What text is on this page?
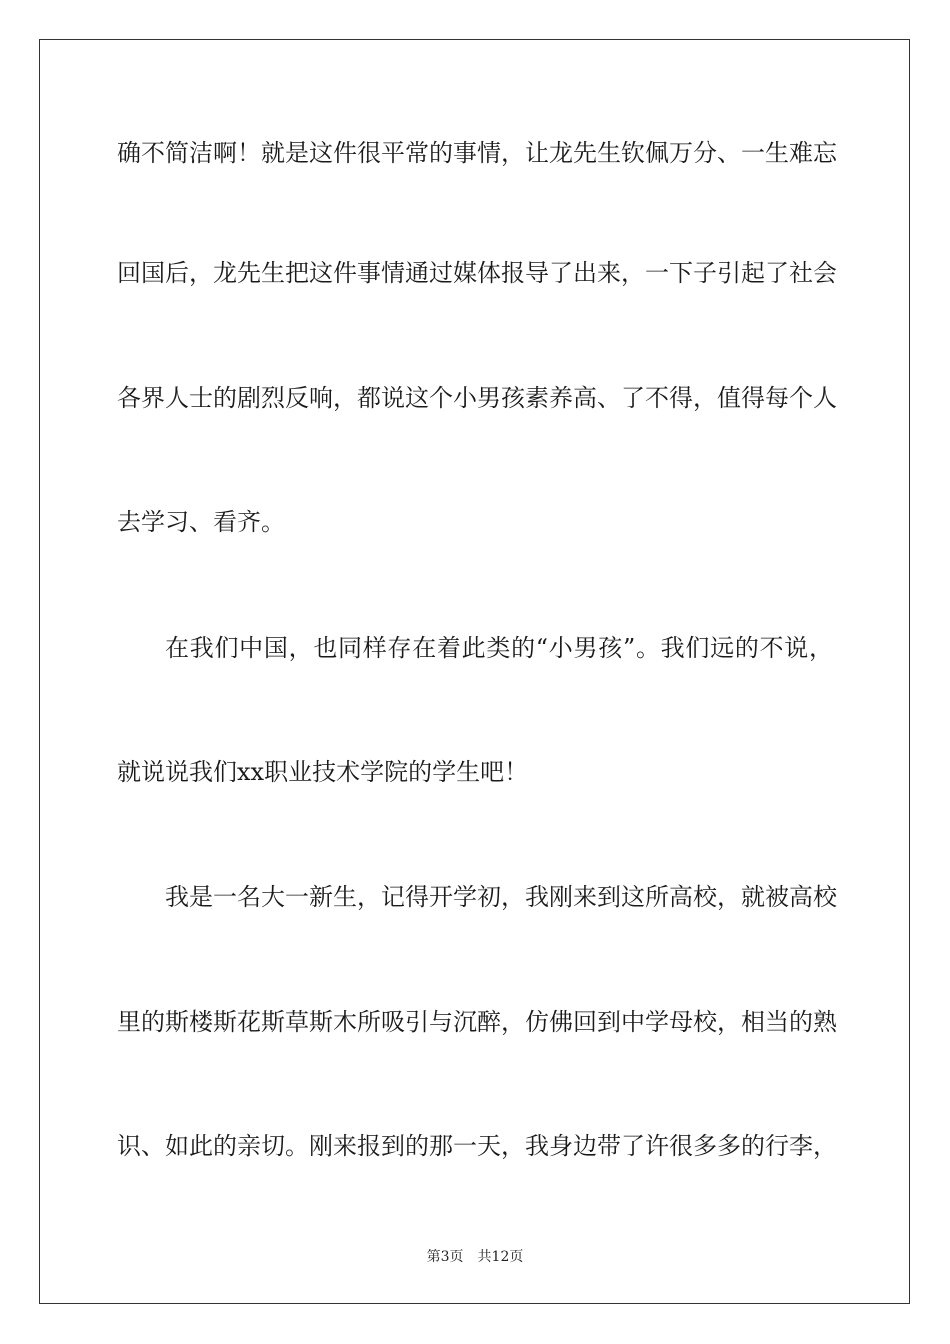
确不简洁啊！就是这件很平常的事情，让龙先生钦佩万分、一生难忘
回国后，龙先生把这件事情通过媒体报导了出来，一下子引起了社会
各界人士的剧烈反响，都说这个小男孩素养高、了不得，值得每个人
去学习、看齐。
在我们中国，也同样存在着此类的“小男孩”。我们远的不说，
就说说我们xx职业技术学院的学生吧！
我是一名大一新生，记得开学初，我刚来到这所高校，就被高校
里的斯楼斯花斯草斯木所吸引与沉醉，仿佛回到中学母校，相当的熟
识、如此的亲切。刚来报到的那一天，我身边带了许很多多的行李，
第3页 共12页
